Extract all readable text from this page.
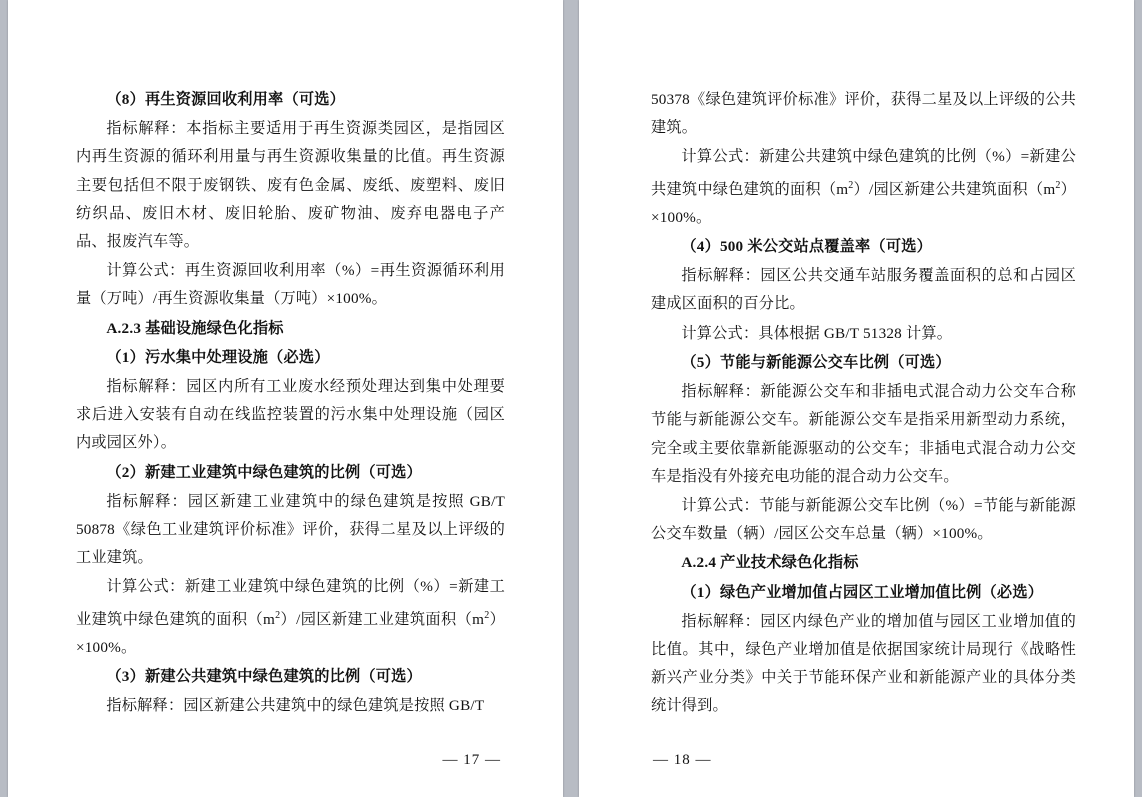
（8）再生资源回收利用率（可选）

指标解释：本指标主要适用于再生资源类园区，是指园区内再生资源的循环利用量与再生资源收集量的比值。再生资源主要包括但不限于废钢铁、废有色金属、废纸、废塑料、废旧纺织品、废旧木材、废旧轮胎、废矿物油、废弃电器电子产品、报废汽车等。

计算公式：再生资源回收利用率（%）=再生资源循环利用量（万吨）/再生资源收集量（万吨）×100%。

A.2.3 基础设施绿色化指标

（1）污水集中处理设施（必选）

指标解释：园区内所有工业废水经预处理达到集中处理要求后进入安装有自动在线监控装置的污水集中处理设施（园区内或园区外）。

（2）新建工业建筑中绿色建筑的比例（可选）

指标解释：园区新建工业建筑中的绿色建筑是按照 GB/T 50878《绿色工业建筑评价标准》评价，获得二星及以上评级的工业建筑。

计算公式：新建工业建筑中绿色建筑的比例（%）=新建工业建筑中绿色建筑的面积$(m^2)/$园区新建工业建筑面积$(m^2)\times 100\%$。

（3）新建公共建筑中绿色建筑的比例（可选）

指标解释：园区新建公共建筑中的绿色建筑是按照 GB/T

— 17 —

50378《绿色建筑评价标准》评价，获得二星及以上评级的公共建筑。

计算公式：新建公共建筑中绿色建筑的比例（%）=新建公共建筑中绿色建筑的面积$(m^2)/$园区新建公共建筑面积$(m^2)\times 100\%$。

（4）500 米公交站点覆盖率（可选）

指标解释：园区公共交通车站服务覆盖面积的总和占园区建成区面积的百分比。

计算公式：具体根据 GB/T 51328 计算。

（5）节能与新能源公交车比例（可选）

指标解释：新能源公交车和非插电式混合动力公交车合称节能与新能源公交车。新能源公交车是指采用新型动力系统，完全或主要依靠新能源驱动的公交车；非插电式混合动力公交车是指没有外接充电功能的混合动力公交车。

计算公式：节能与新能源公交车比例（%）=节能与新能源公交车数量（辆）/园区公交车总量（辆）×100%。

A.2.4 产业技术绿色化指标

（1）绿色产业增加值占园区工业增加值比例（必选）

指标解释：园区内绿色产业的增加值与园区工业增加值的比值。其中，绿色产业增加值是依据国家统计局现行《战略性新兴产业分类》中关于节能环保产业和新能源产业的具体分类统计得到。

— 18 —
